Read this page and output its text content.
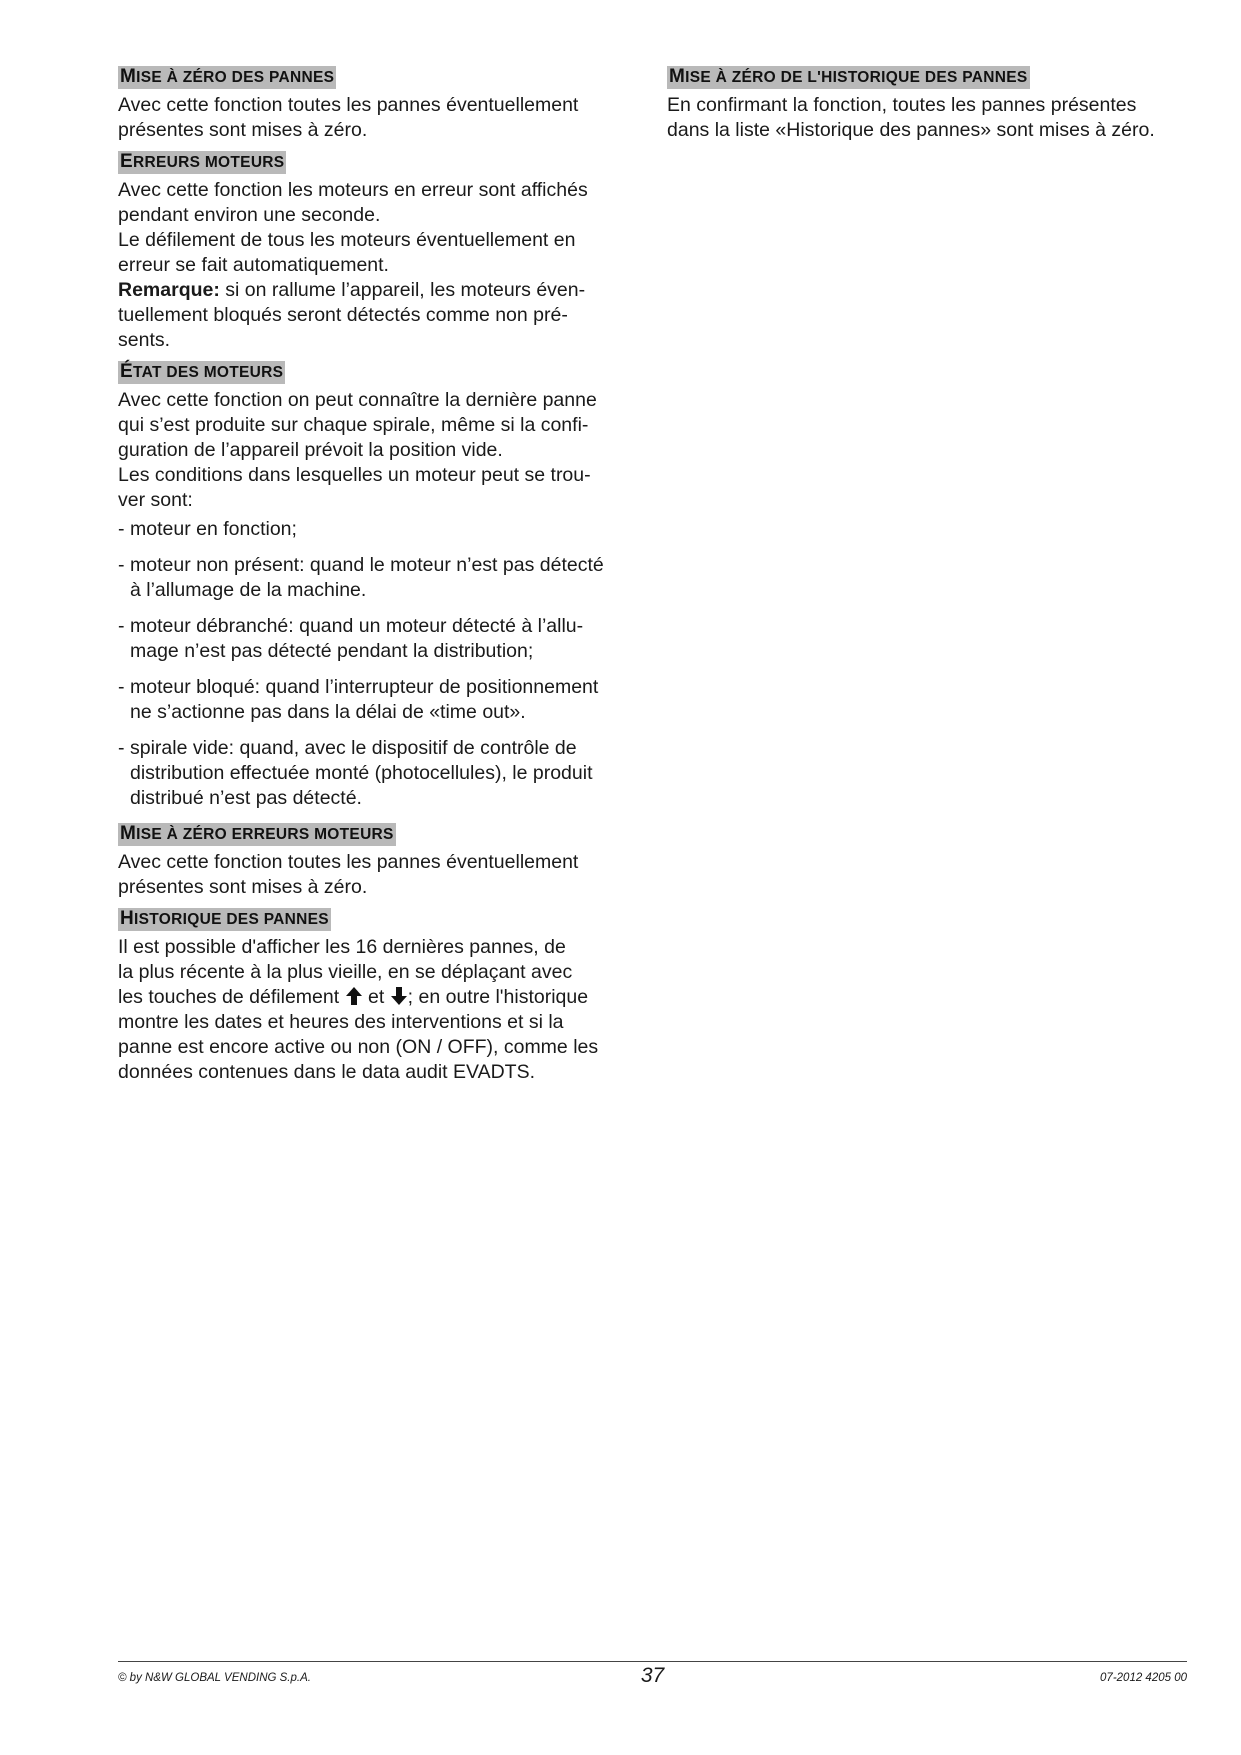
MISE À ZÉRO DES PANNES

Avec cette fonction toutes les pannes éventuellement

présentes sont mises à zéro.

ERREURS MOTEURS

Avec cette fonction les moteurs en erreur sont affichés

pendant environ une seconde.

Le défilement de tous les moteurs éventuellement en

erreur se fait automatiquement.

Remarque: si on rallume l’appareil, les moteurs éven-

tuellement bloqués seront détectés comme non pré-

sents.

ÉTAT DES MOTEURS

Avec cette fonction on peut connaître la dernière panne

qui s’est produite sur chaque spirale, même si la confi-

guration de l’appareil prévoit la position vide.

Les conditions dans lesquelles un moteur peut se trou-

ver sont:

- moteur en fonction;
- moteur non présent: quand le moteur n’est pas détecté
à l’allumage de la machine.
- moteur débranché: quand un moteur détecté à l’allu-
mage n’est pas détecté pendant la distribution;
- moteur bloqué: quand l’interrupteur de positionnement
ne s’actionne pas dans la délai de «time out».
- spirale vide: quand, avec le dispositif de contrôle de
distribution effectuée monté (photocellules), le produit
distribué n’est pas détecté.
MISE À ZÉRO ERREURS MOTEURS

Avec cette fonction toutes les pannes éventuellement

présentes sont mises à zéro.

HISTORIQUE DES PANNES

Il est possible d'afficher les 16 dernières pannes, de

la plus récente à la plus vieille, en se déplaçant avec

les touches de défilement  et ; en outre l'historique

montre les dates et heures des interventions et si la

panne est encore active ou non (ON / OFF), comme les

données contenues dans le data audit EVADTS.

MISE À ZÉRO DE L'HISTORIQUE DES PANNES

En confirmant la fonction, toutes les pannes présentes

dans la liste «Historique des pannes» sont mises à zéro.

© by N&W GLOBAL VENDING S.p.A.	37	07-2012 4205 00
